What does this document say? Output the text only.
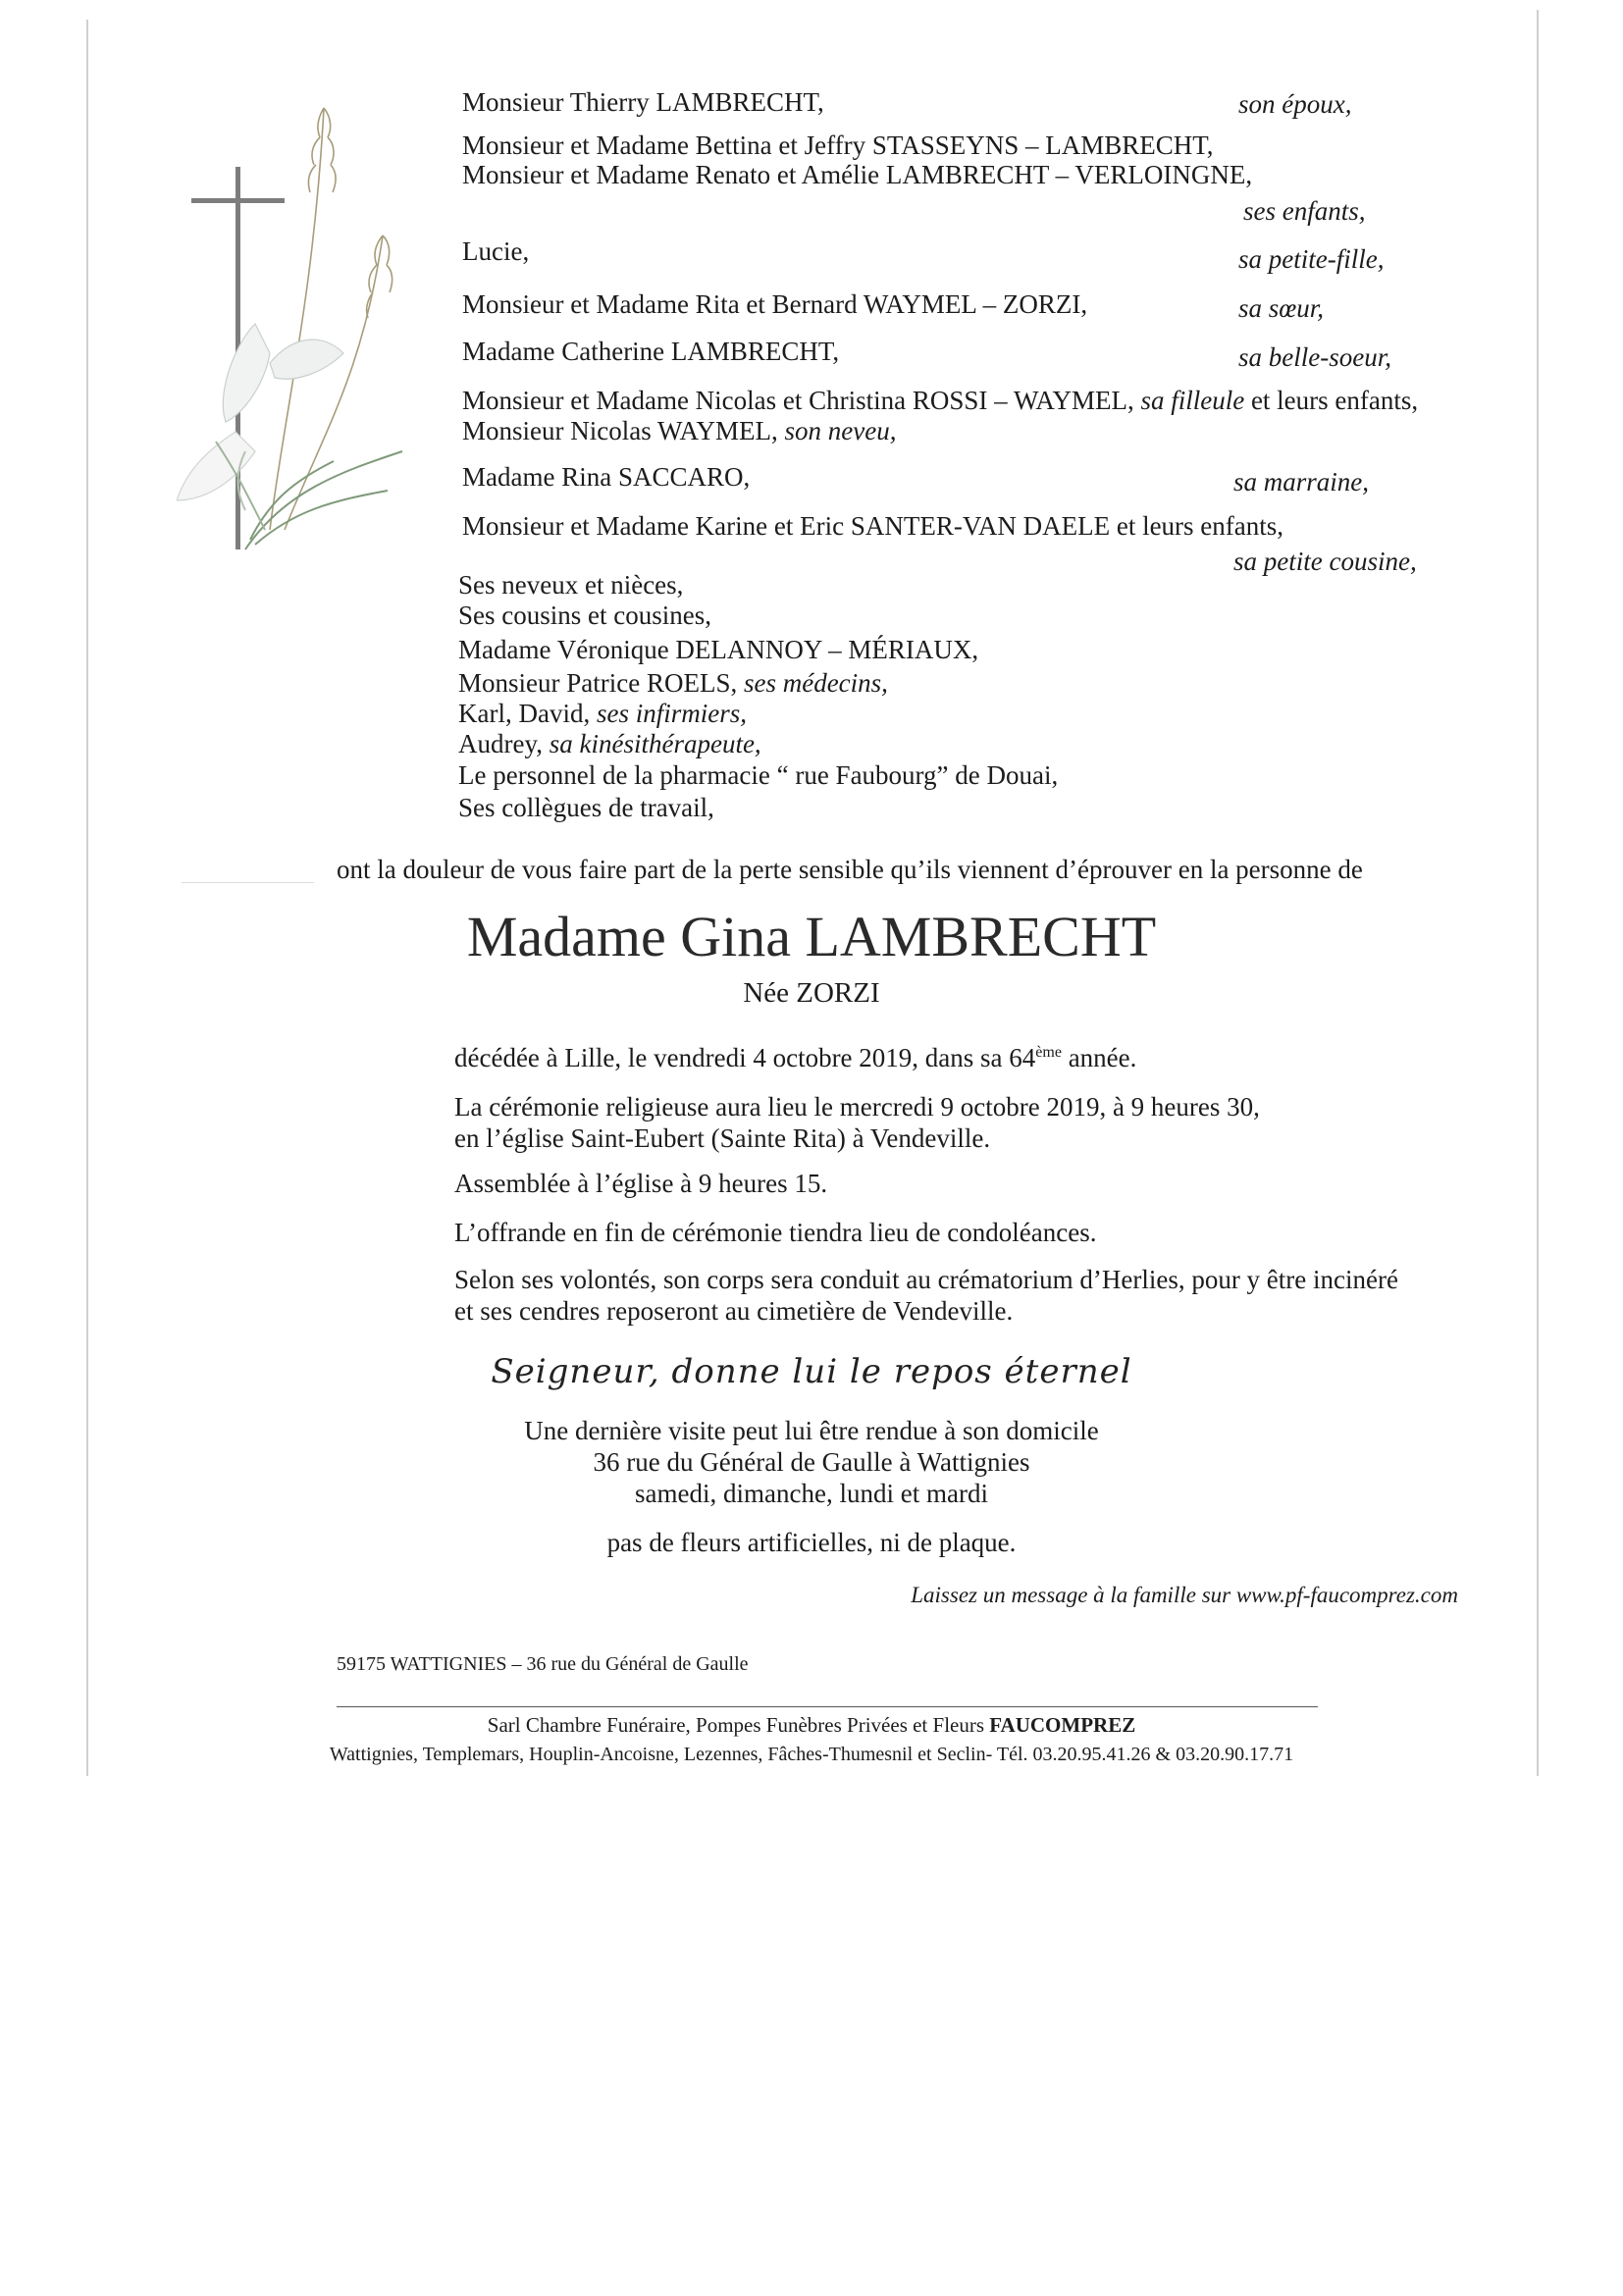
Monsieur Thierry LAMBRECHT,	son époux,
Monsieur et Madame Bettina et Jeffry STASSEYNS – LAMBRECHT,
Monsieur et Madame Renato et Amélie LAMBRECHT – VERLOINGNE,
ses enfants,
Lucie,	sa petite-fille,
Monsieur et Madame Rita et Bernard WAYMEL – ZORZI,	sa sœur,
Madame Catherine LAMBRECHT,	sa belle-soeur,
Monsieur et Madame Nicolas et Christina ROSSI – WAYMEL, sa filleule et leurs enfants,
Monsieur Nicolas WAYMEL, son neveu,
Madame Rina SACCARO,	sa marraine,
Monsieur et Madame Karine et Eric SANTER-VAN DAELE et leurs enfants,
sa petite cousine,
Ses neveux et nièces,
Ses cousins et cousines,
Madame Véronique DELANNOY – MÉRIAUX,
Monsieur Patrice ROELS, ses médecins,
Karl, David, ses infirmiers,
Audrey, sa kinésithérapeute,
Le personnel de la pharmacie “ rue Faubourg” de Douai,
Ses collègues de travail,
ont la douleur de vous faire part de la perte sensible qu’ils viennent d’éprouver en la personne de
Madame Gina LAMBRECHT
Née ZORZI
décédée à Lille, le vendredi 4 octobre 2019, dans sa 64ème année.
La cérémonie religieuse aura lieu le mercredi 9 octobre 2019, à 9 heures 30,
en l’église Saint-Eubert (Sainte Rita) à Vendeville.
Assemblée à l’église à 9 heures 15.
L’offrande en fin de cérémonie tiendra lieu de condoléances.
Selon ses volontés, son corps sera conduit au crématorium d’Herlies, pour y être incinéré
et ses cendres reposeront au cimetière de Vendeville.
Seigneur, donne lui le repos éternel
Une dernière visite peut lui être rendue à son domicile
36 rue du Général de Gaulle à Wattignies
samedi, dimanche, lundi et mardi
pas de fleurs artificielles, ni de plaque.
Laissez un message à la famille sur www.pf-faucomprez.com
59175 WATTIGNIES – 36 rue du Général de Gaulle
Sarl Chambre Funéraire, Pompes Funèbres Privées et Fleurs FAUCOMPREZ
Wattignies, Templemars, Houplin-Ancoisne, Lezennes, Fâches-Thumesnil et Seclin- Tél. 03.20.95.41.26 & 03.20.90.17.71
